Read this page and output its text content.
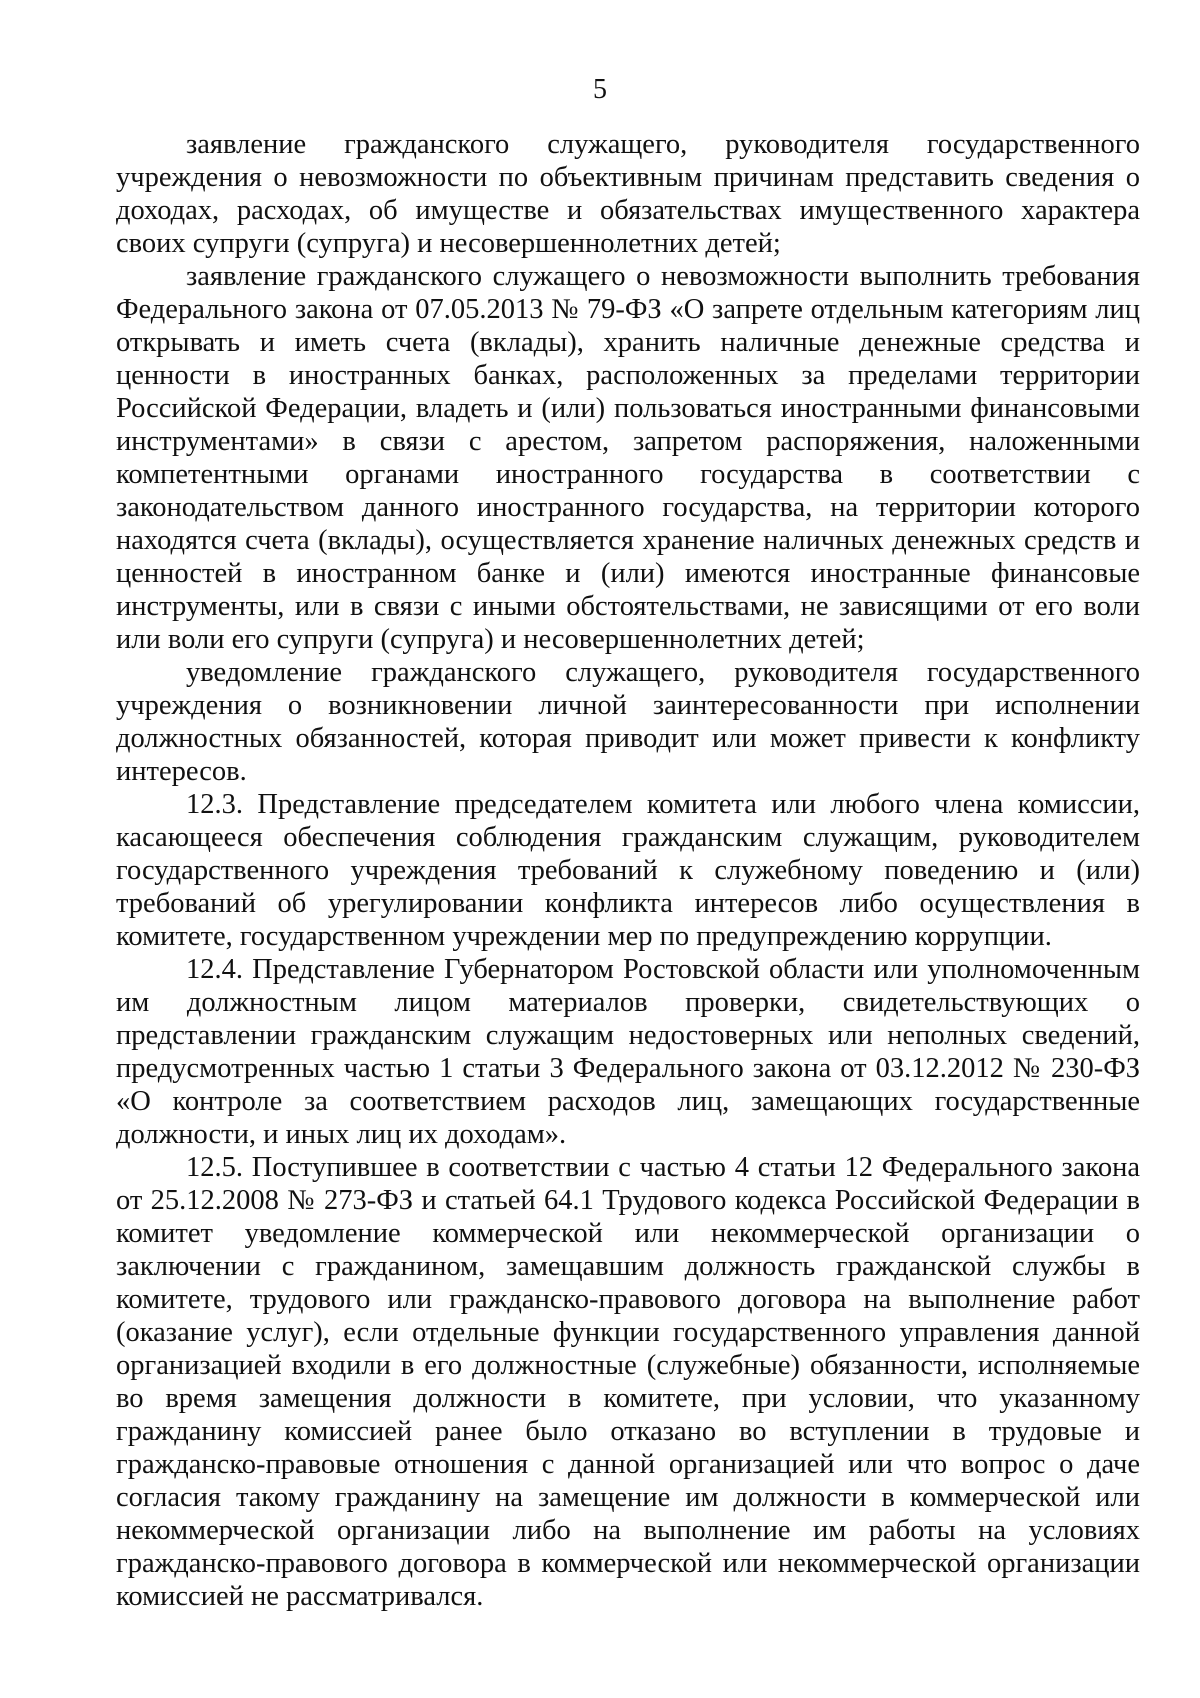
5

заявление гражданского служащего, руководителя государственного учреждения о невозможности по объективным причинам представить сведения о доходах, расходах, об имуществе и обязательствах имущественного характера своих супруги (супруга) и несовершеннолетних детей;

заявление гражданского служащего о невозможности выполнить требования Федерального закона от 07.05.2013 № 79-ФЗ «О запрете отдельным категориям лиц открывать и иметь счета (вклады), хранить наличные денежные средства и ценности в иностранных банках, расположенных за пределами территории Российской Федерации, владеть и (или) пользоваться иностранными финансовыми инструментами» в связи с арестом, запретом распоряжения, наложенными компетентными органами иностранного государства в соответствии с законодательством данного иностранного государства, на территории которого находятся счета (вклады), осуществляется хранение наличных денежных средств и ценностей в иностранном банке и (или) имеются иностранные финансовые инструменты, или в связи с иными обстоятельствами, не зависящими от его воли или воли его супруги (супруга) и несовершеннолетних детей;

уведомление гражданского служащего, руководителя государственного учреждения о возникновении личной заинтересованности при исполнении должностных обязанностей, которая приводит или может привести к конфликту интересов.

12.3. Представление председателем комитета или любого члена комиссии, касающееся обеспечения соблюдения гражданским служащим, руководителем государственного учреждения требований к служебному поведению и (или) требований об урегулировании конфликта интересов либо осуществления в комитете, государственном учреждении мер по предупреждению коррупции.

12.4. Представление Губернатором Ростовской области или уполномоченным им должностным лицом материалов проверки, свидетельствующих о представлении гражданским служащим недостоверных или неполных сведений, предусмотренных частью 1 статьи 3 Федерального закона от 03.12.2012 № 230-ФЗ «О контроле за соответствием расходов лиц, замещающих государственные должности, и иных лиц их доходам».

12.5. Поступившее в соответствии с частью 4 статьи 12 Федерального закона от 25.12.2008 № 273-ФЗ и статьей 64.1 Трудового кодекса Российской Федерации в комитет уведомление коммерческой или некоммерческой организации о заключении с гражданином, замещавшим должность гражданской службы в комитете, трудового или гражданско-правового договора на выполнение работ (оказание услуг), если отдельные функции государственного управления данной организацией входили в его должностные (служебные) обязанности, исполняемые во время замещения должности в комитете, при условии, что указанному гражданину комиссией ранее было отказано во вступлении в трудовые и гражданско-правовые отношения с данной организацией или что вопрос о даче согласия такому гражданину на замещение им должности в коммерческой или некоммерческой организации либо на выполнение им работы на условиях гражданско-правового договора в коммерческой или некоммерческой организации комиссией не рассматривался.
